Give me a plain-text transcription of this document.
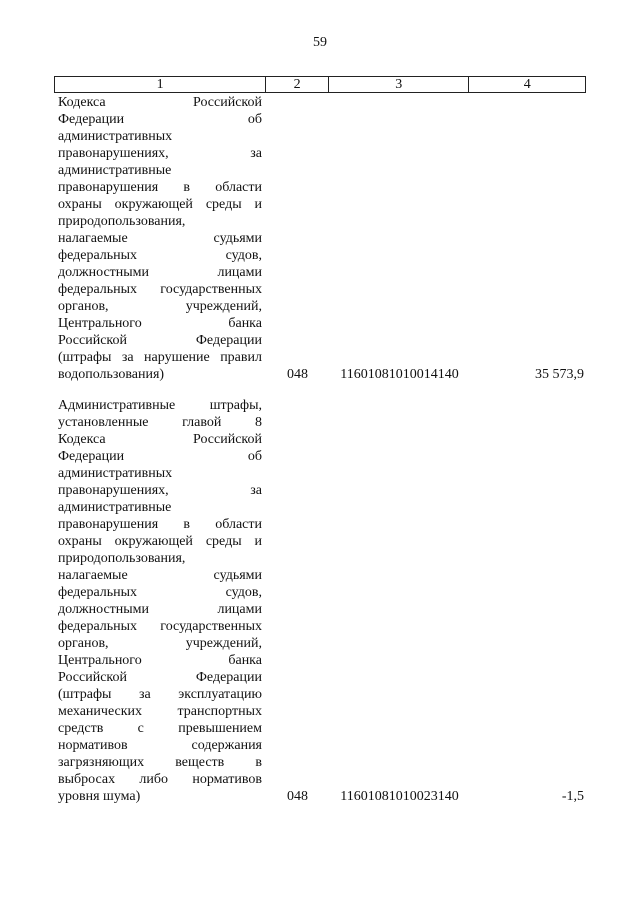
59
1	2	3	4
Кодекса Российской
Федерации об
административных
правонарушениях, за
административные
правонарушения в области
охраны окружающей среды и
природопользования,
налагаемые судьями
федеральных судов,
должностными лицами
федеральных государственных
органов, учреждений,
Центрального банка
Российской Федерации
(штрафы за нарушение правил
водопользования)	048	11601081010014140	35 573,9
Административные штрафы,
установленные главой 8
Кодекса Российской
Федерации об
административных
правонарушениях, за
административные
правонарушения в области
охраны окружающей среды и
природопользования,
налагаемые судьями
федеральных судов,
должностными лицами
федеральных государственных
органов, учреждений,
Центрального банка
Российской Федерации
(штрафы за эксплуатацию
механических транспортных
средств с превышением
нормативов содержания
загрязняющих веществ в
выбросах либо нормативов
уровня шума)	048	11601081010023140	-1,5
